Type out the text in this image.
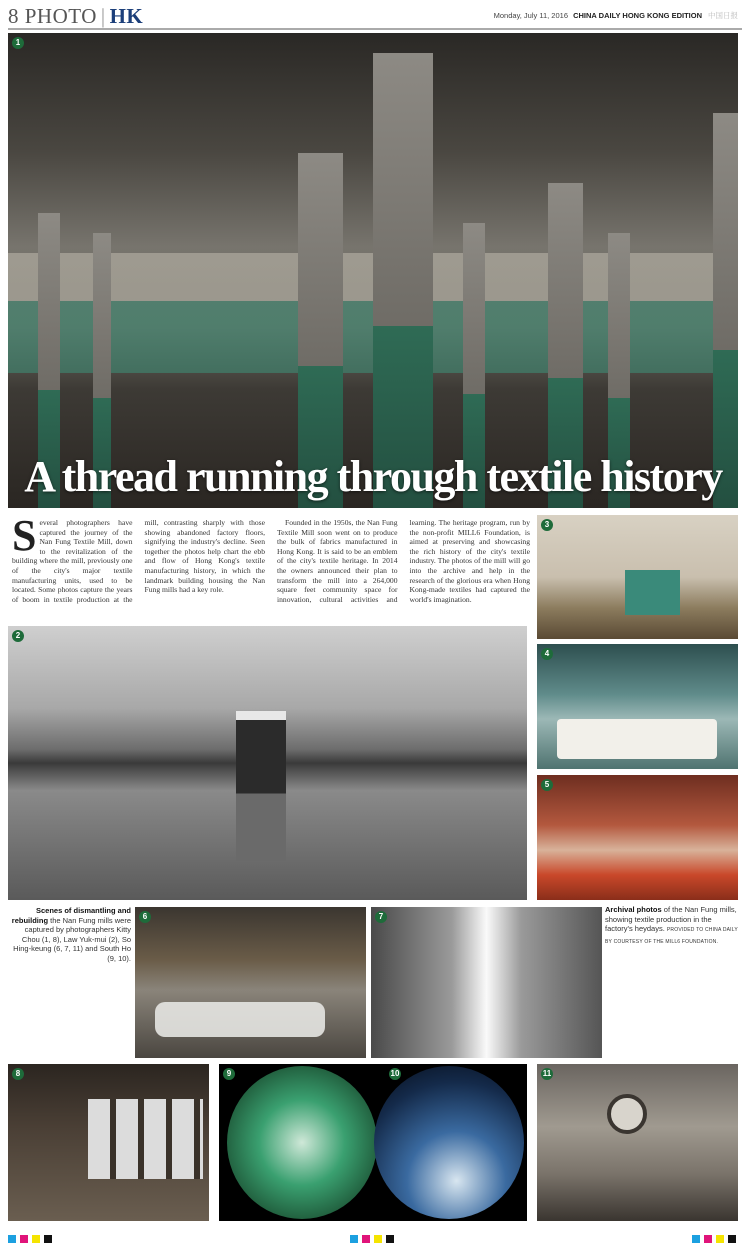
8 PHOTO | HK	Monday, July 11, 2016 CHINA DAILY HONG KONG EDITION 中国日报
1
A thread running through textile history

Several photographers have captured the journey of the Nan Fung Textile Mill, down to the revitalization of the building where the mill, previously one of the city's major textile manufacturing units, used to be located. Some photos capture the years of boom in textile production at the mill, contrasting sharply with those showing abandoned factory floors, signifying the industry's decline. Seen together the photos help chart the ebb and flow of Hong Kong's textile manufacturing history, in which the landmark building housing the Nan Fung mills had a key role.

Founded in the 1950s, the Nan Fung Textile Mill soon went on to produce the bulk of fabrics manufactured in Hong Kong. It is said to be an emblem of the city's textile heritage. In 2014 the owners announced their plan to transform the mill into a 264,000 square feet community space for innovation, cultural activities and learning. The heritage program, run by the non-profit MILL6 Foundation, is aimed at preserving and showcasing the rich history of the city's textile industry. The photos of the mill will go into the archive and help in the research of the glorious era when Hong Kong-made textiles had captured the world's imagination.

3
4
5
2
Scenes of dismantling and rebuilding the Nan Fung mills were captured by photographers Kitty Chou (1, 8), Law Yuk-mui (2), So Hing-keung (6, 7, 11) and South Ho (9, 10).
6	7
Archival photos of the Nan Fung mills, showing textile production in the factory's heydays. PROVIDED TO CHINA DAILY BY COURTESY OF THE MILL6 FOUNDATION.
8	9	10	11
